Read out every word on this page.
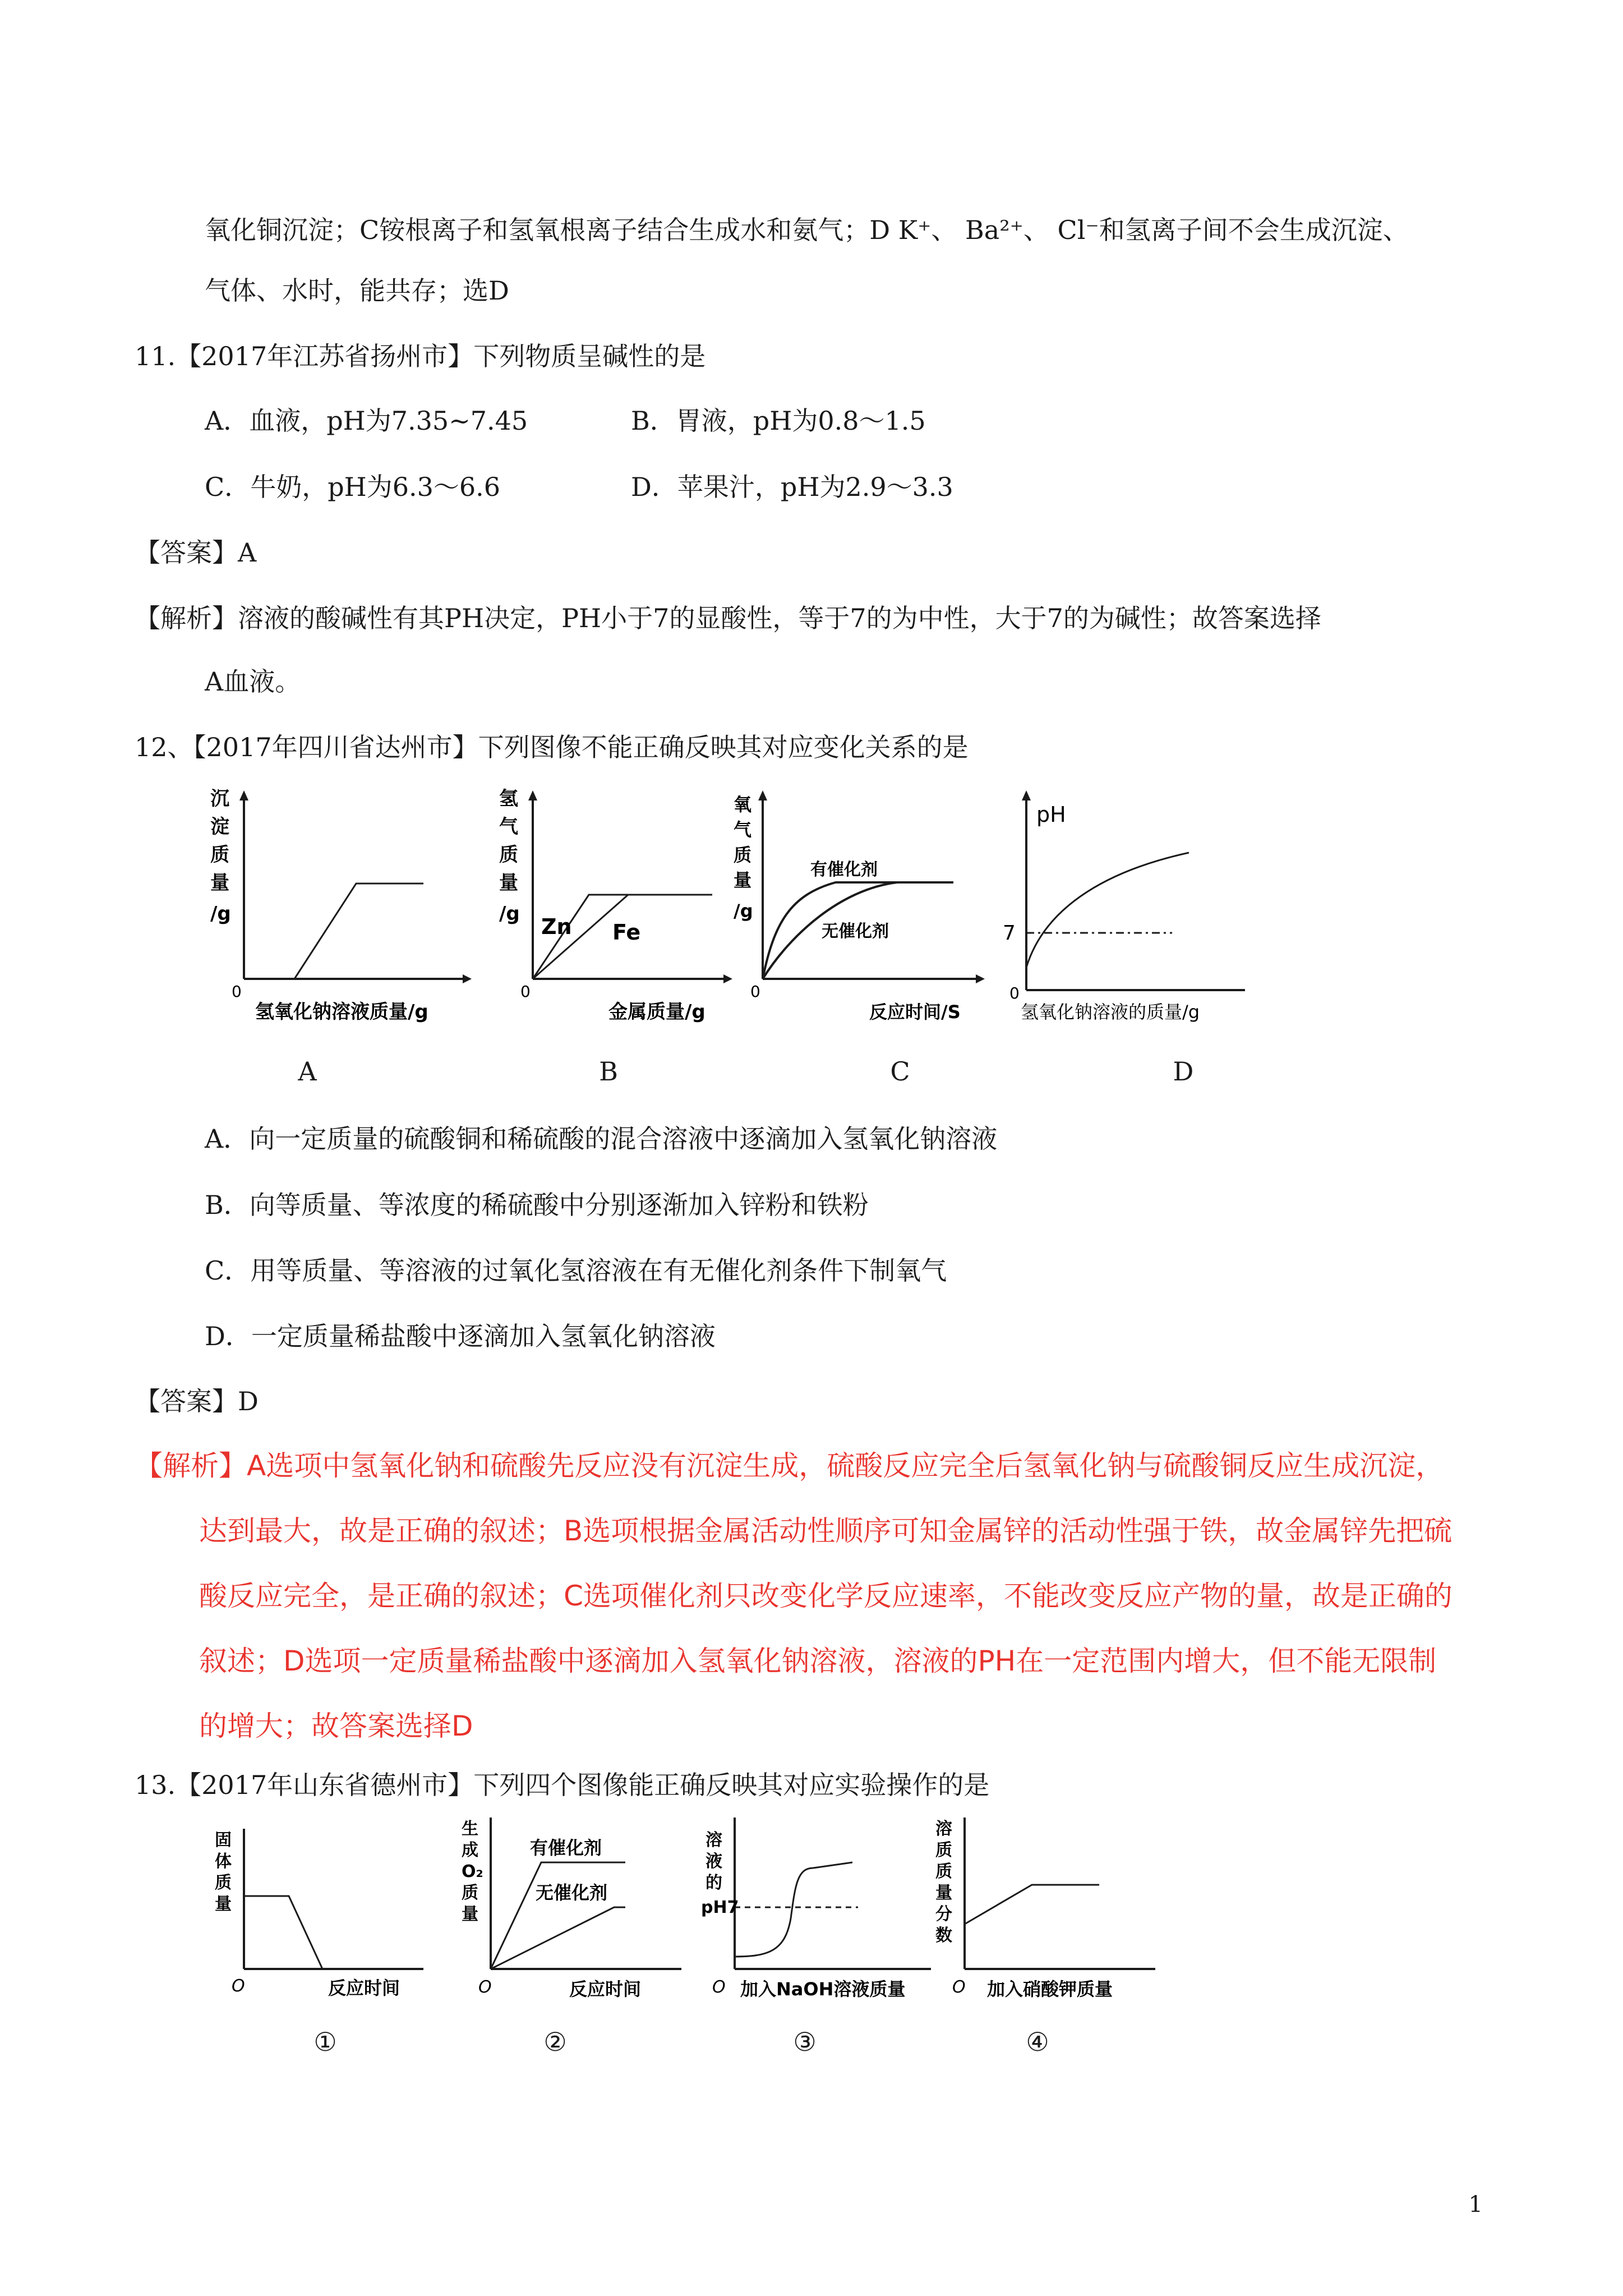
氧化铜沉淀；C铵根离子和氢氧根离子结合生成水和氨气；D K⁺、 Ba²⁺、 Cl⁻和氢离子间不会生成沉淀、
气体、水时，能共存；选D
11.【2017年江苏省扬州市】下列物质呈碱性的是
A．血液，pH为7.35~7.45	B．胃液，pH为0.8～1.5
C．牛奶，pH为6.3～6.6	D．苹果汁，pH为2.9～3.3
【答案】A
【解析】溶液的酸碱性有其PH决定，PH小于7的显酸性，等于7的为中性，大于7的为碱性；故答案选择
A血液。
12、【2017年四川省达州市】下列图像不能正确反映其对应变化关系的是
沉
淀
质
量
/g
0
氢氧化钠溶液质量/g
A
氢
气
质
量
/g
Zn Fe
0
金属质量/g
B
氧
气
质
量
/g
有催化剂
无催化剂
0
反应时间/S
C
pH
7
0
氢氧化钠溶液的质量/g
D
A．向一定质量的硫酸铜和稀硫酸的混合溶液中逐滴加入氢氧化钠溶液
B．向等质量、等浓度的稀硫酸中分别逐渐加入锌粉和铁粉
C．用等质量、等溶液的过氧化氢溶液在有无催化剂条件下制氧气
D．一定质量稀盐酸中逐滴加入氢氧化钠溶液
【答案】D
【解析】A选项中氢氧化钠和硫酸先反应没有沉淀生成，硫酸反应完全后氢氧化钠与硫酸铜反应生成沉淀，
达到最大，故是正确的叙述；B选项根据金属活动性顺序可知金属锌的活动性强于铁，故金属锌先把硫
酸反应完全，是正确的叙述；C选项催化剂只改变化学反应速率，不能改变反应产物的量，故是正确的
叙述；D选项一定质量稀盐酸中逐滴加入氢氧化钠溶液，溶液的PH在一定范围内增大，但不能无限制
的增大；故答案选择D
13.【2017年山东省德州市】下列四个图像能正确反映其对应实验操作的是
固
体
质
量
O	反应时间
①
生
成
O₂
质
量
有催化剂
无催化剂
O	反应时间
②
溶
液
的
pH7
O 加入NaOH溶液质量
③
溶
质
质
量
分
数
O 加入硝酸钾质量
④
1
